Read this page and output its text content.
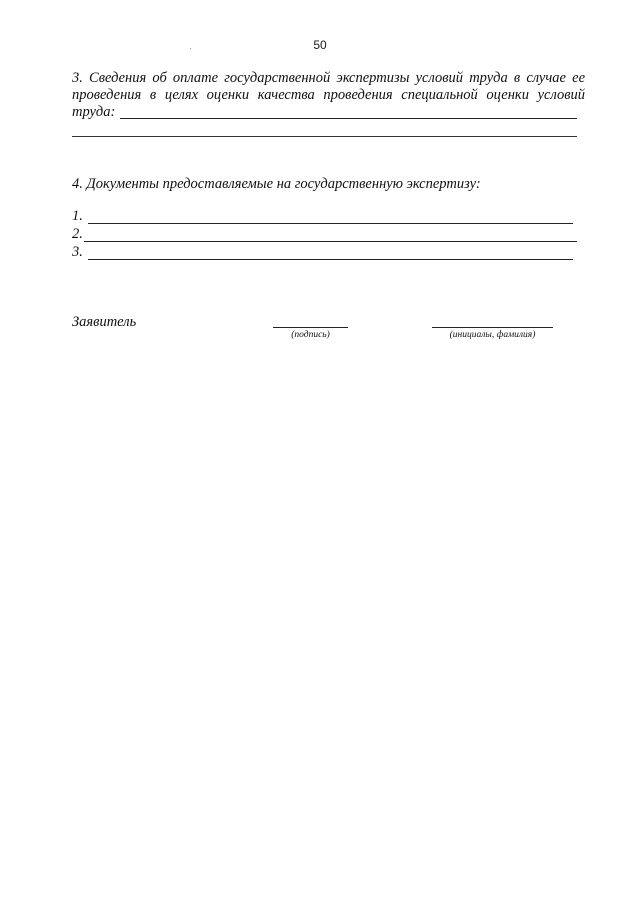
50
3. Сведения об оплате государственной экспертизы условий труда в случае ее
проведения в целях оценки качества проведения специальной оценки условий
труда:
4. Документы предоставляемые на государственную экспертизу:
1.
2.
3.
Заявитель
(подпись)	(инициалы, фамилия)
